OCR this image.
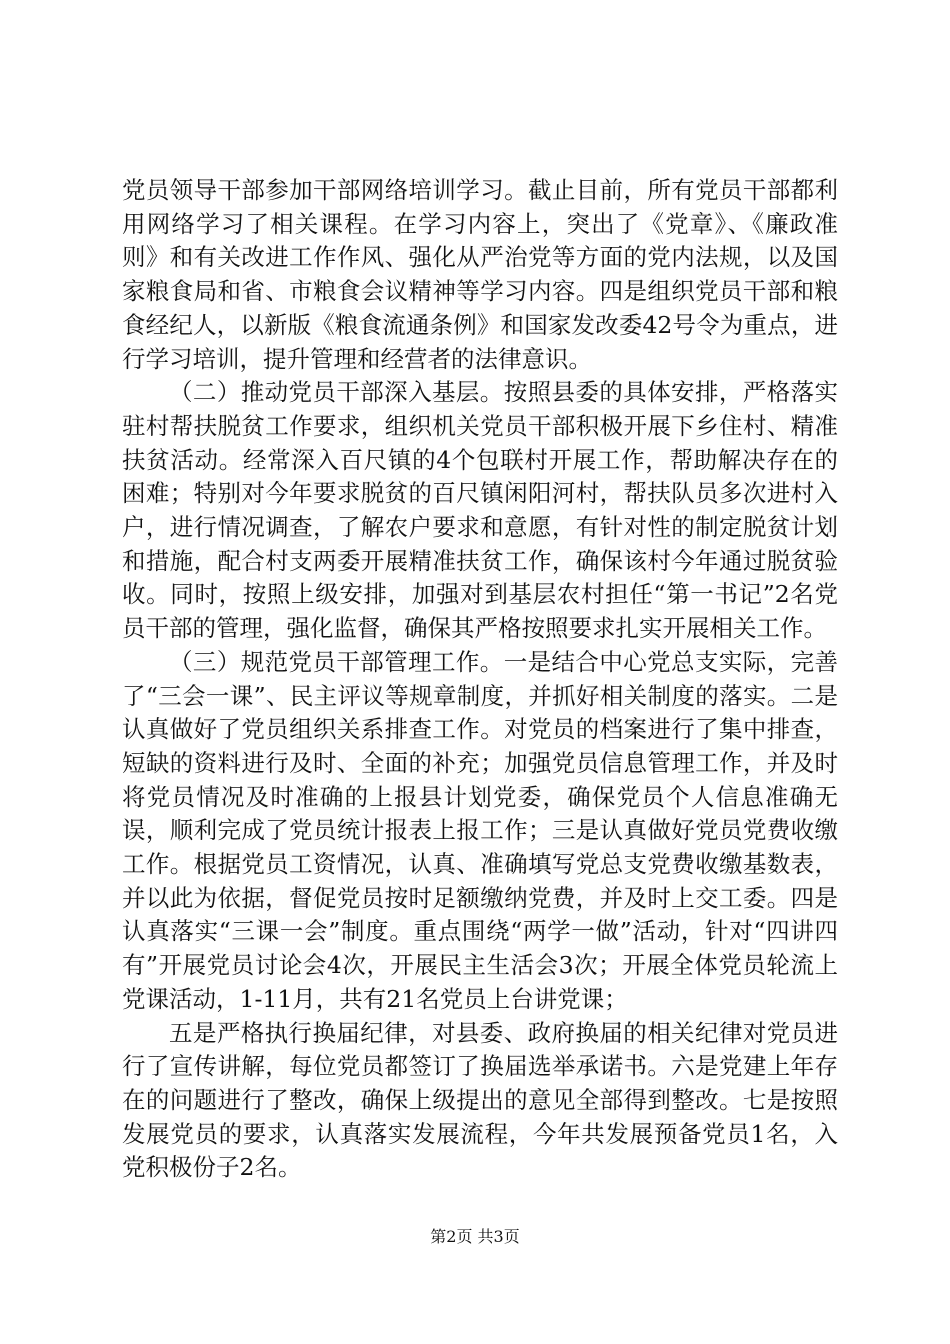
党员领导干部参加干部网络培训学习。截止目前，所有党员干部都利用网络学习了相关课程。在学习内容上，突出了《党章》、《廉政准则》和有关改进工作作风、强化从严治党等方面的党内法规，以及国家粮食局和省、市粮食会议精神等学习内容。四是组织党员干部和粮食经纪人，以新版《粮食流通条例》和国家发改委42号令为重点，进行学习培训，提升管理和经营者的法律意识。

（二）推动党员干部深入基层。按照县委的具体安排，严格落实驻村帮扶脱贫工作要求，组织机关党员干部积极开展下乡住村、精准扶贫活动。经常深入百尺镇的4个包联村开展工作，帮助解决存在的困难；特别对今年要求脱贫的百尺镇闲阳河村，帮扶队员多次进村入户，进行情况调查，了解农户要求和意愿，有针对性的制定脱贫计划和措施，配合村支两委开展精准扶贫工作，确保该村今年通过脱贫验收。同时，按照上级安排，加强对到基层农村担任“第一书记”2名党员干部的管理，强化监督，确保其严格按照要求扎实开展相关工作。

（三）规范党员干部管理工作。一是结合中心党总支实际，完善了“三会一课”、民主评议等规章制度，并抓好相关制度的落实。二是认真做好了党员组织关系排查工作。对党员的档案进行了集中排查，短缺的资料进行及时、全面的补充；加强党员信息管理工作，并及时将党员情况及时准确的上报县计划党委，确保党员个人信息准确无误，顺利完成了党员统计报表上报工作；三是认真做好党员党费收缴工作。根据党员工资情况，认真、准确填写党总支党费收缴基数表，并以此为依据，督促党员按时足额缴纳党费，并及时上交工委。四是认真落实“三课一会”制度。重点围绕“两学一做”活动，针对“四讲四有”开展党员讨论会4次，开展民主生活会3次；开展全体党员轮流上党课活动，1-11月，共有21名党员上台讲党课；

五是严格执行换届纪律，对县委、政府换届的相关纪律对党员进行了宣传讲解，每位党员都签订了换届选举承诺书。六是党建上年存在的问题进行了整改，确保上级提出的意见全部得到整改。七是按照发展党员的要求，认真落实发展流程，今年共发展预备党员1名，入党积极份子2名。

第2页 共3页
